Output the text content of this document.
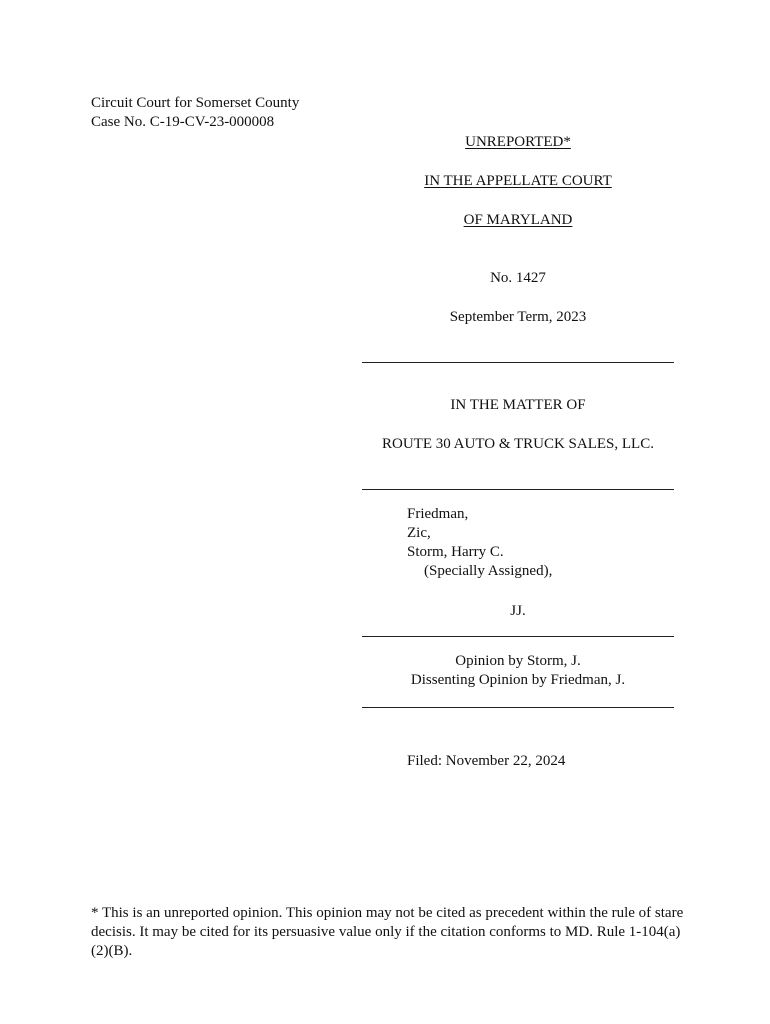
Circuit Court for Somerset County
Case No. C-19-CV-23-000008
UNREPORTED*
IN THE APPELLATE COURT
OF MARYLAND
No. 1427
September Term, 2023
IN THE MATTER OF
ROUTE 30 AUTO & TRUCK SALES, LLC.
Friedman,
Zic,
Storm, Harry C.
(Specially Assigned),
JJ.
Opinion by Storm, J.
Dissenting Opinion by Friedman, J.
Filed: November 22, 2024
* This is an unreported opinion. This opinion may not be cited as precedent within the rule of stare decisis. It may be cited for its persuasive value only if the citation conforms to MD. Rule 1-104(a)(2)(B).
